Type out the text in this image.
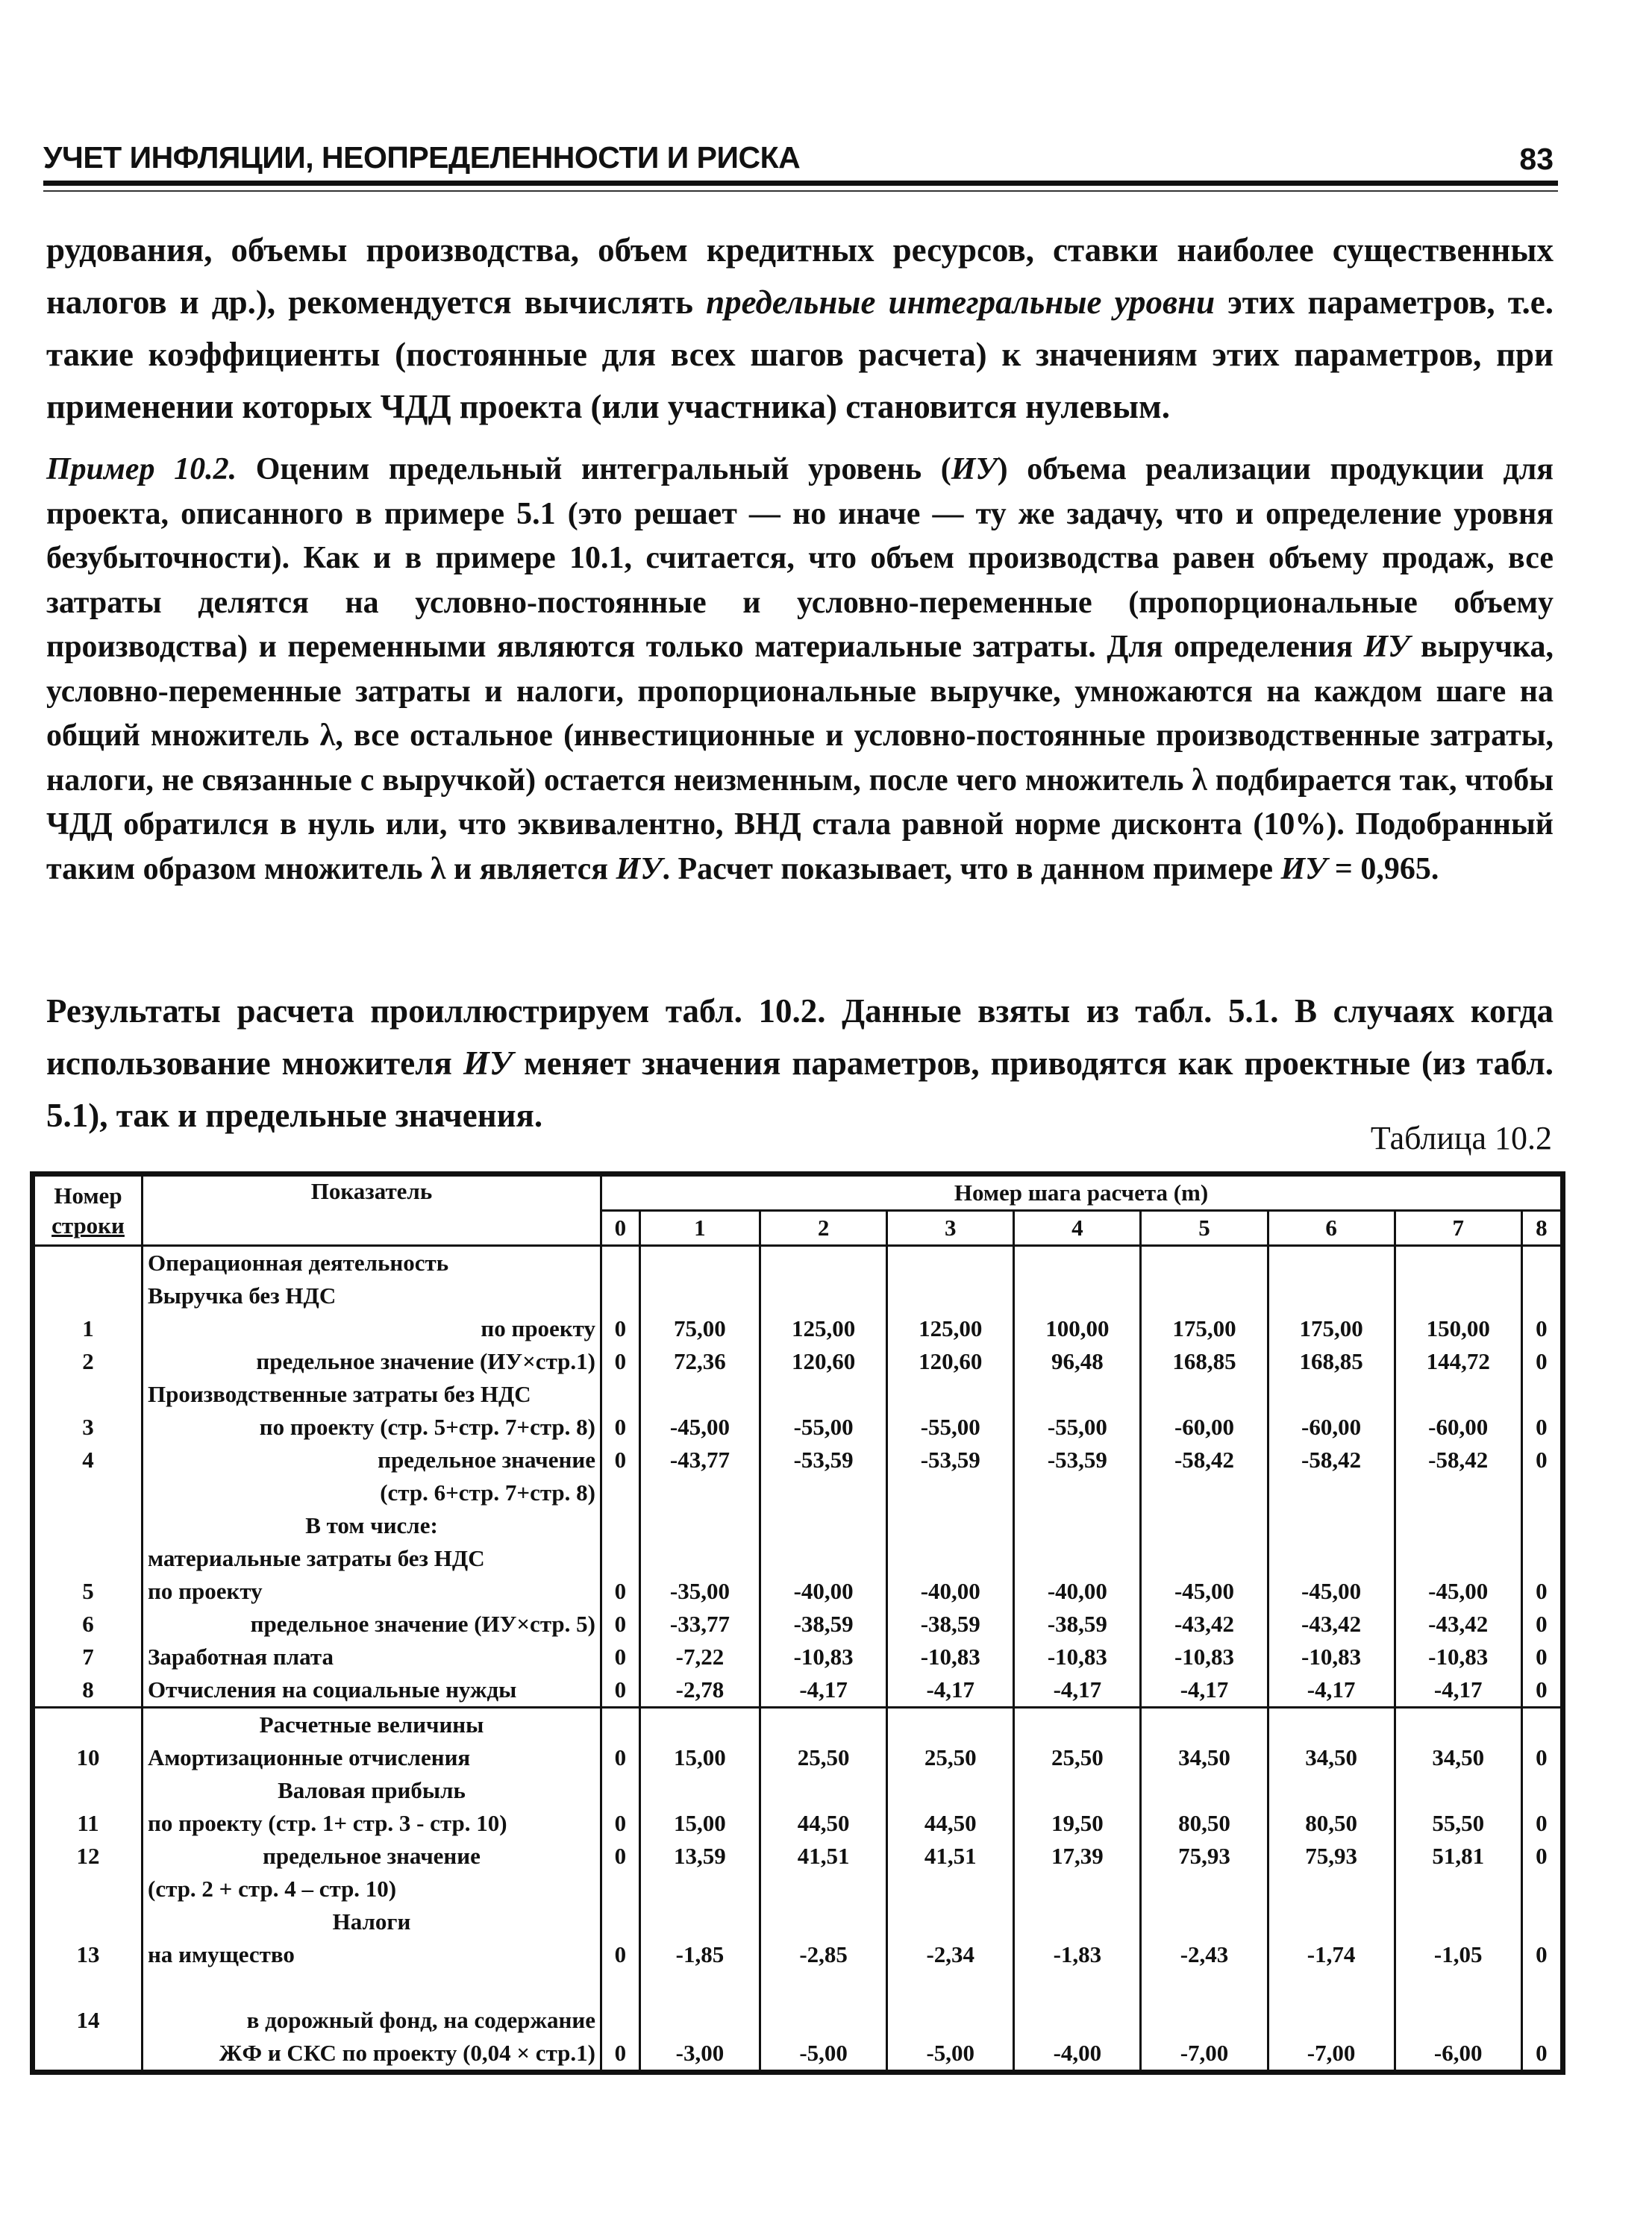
УЧЕТ ИНФЛЯЦИИ, НЕОПРЕДЕЛЕННОСТИ И РИСКА	83
рудования, объемы производства, объем кредитных ресурсов, ставки наиболее существенных налогов и др.), рекомендуется вычислять предельные интегральные уровни этих параметров, т.е. такие коэффициенты (постоянные для всех шагов расчета) к значениям этих параметров, при применении которых ЧДД проекта (или участника) становится нулевым.
Пример 10.2. Оценим предельный интегральный уровень (ИУ) объема реализации продукции для проекта, описанного в примере 5.1 (это решает — но иначе — ту же задачу, что и определение уровня безубыточности). Как и в примере 10.1, считается, что объем производства равен объему продаж, все затраты делятся на условно-постоянные и условно-переменные (пропорциональные объему производства) и переменными являются только материальные затраты. Для определения ИУ выручка, условно-переменные затраты и налоги, пропорциональные выручке, умножаются на каждом шаге на общий множитель λ, все остальное (инвестиционные и условно-постоянные производственные затраты, налоги, не связанные с выручкой) остается неизменным, после чего множитель λ подбирается так, чтобы ЧДД обратился в нуль или, что эквивалентно, ВНД стала равной норме дисконта (10%). Подобранный таким образом множитель λ и является ИУ. Расчет показывает, что в данном примере ИУ = 0,965.
Результаты расчета проиллюстрируем табл. 10.2. Данные взяты из табл. 5.1. В случаях когда использование множителя ИУ меняет значения параметров, приводятся как проектные (из табл. 5.1), так и предельные значения.
Таблица 10.2
Номер
строки	Показатель	Номер шага расчета (m)								
		0	1	2	3	4	5	6	7	8
	Операционная деятельность									
	Выручка без НДС									
1	по проекту	0	75,00	125,00	125,00	100,00	175,00	175,00	150,00	0
2	предельное значение (ИУ×стр.1)	0	72,36	120,60	120,60	96,48	168,85	168,85	144,72	0
	Производственные затраты без НДС									
3	по проекту (стр. 5+стр. 7+стр. 8)	0	-45,00	-55,00	-55,00	-55,00	-60,00	-60,00	-60,00	0
4	предельное значение	0	-43,77	-53,59	-53,59	-53,59	-58,42	-58,42	-58,42	0
	(стр. 6+стр. 7+стр. 8)									
	В том числе:									
	материальные затраты без НДС									
5	по проекту	0	-35,00	-40,00	-40,00	-40,00	-45,00	-45,00	-45,00	0
6	предельное значение (ИУ×стр. 5)	0	-33,77	-38,59	-38,59	-38,59	-43,42	-43,42	-43,42	0
7	Заработная плата	0	-7,22	-10,83	-10,83	-10,83	-10,83	-10,83	-10,83	0
8	Отчисления на социальные нужды	0	-2,78	-4,17	-4,17	-4,17	-4,17	-4,17	-4,17	0
	Расчетные величины									
10	Амортизационные отчисления	0	15,00	25,50	25,50	25,50	34,50	34,50	34,50	0
	Валовая прибыль									
11	по проекту (стр. 1+ стр. 3 - стр. 10)	0	15,00	44,50	44,50	19,50	80,50	80,50	55,50	0
12	предельное значение	0	13,59	41,51	41,51	17,39	75,93	75,93	51,81	0
	(стр. 2 + стр. 4 – стр. 10)									
	Налоги									
13	на имущество	0	-1,85	-2,85	-2,34	-1,83	-2,43	-1,74	-1,05	0

14	в дорожный фонд, на содержание									
	ЖФ и СКС по проекту (0,04 × стр.1)	0	-3,00	-5,00	-5,00	-4,00	-7,00	-7,00	-6,00	0
